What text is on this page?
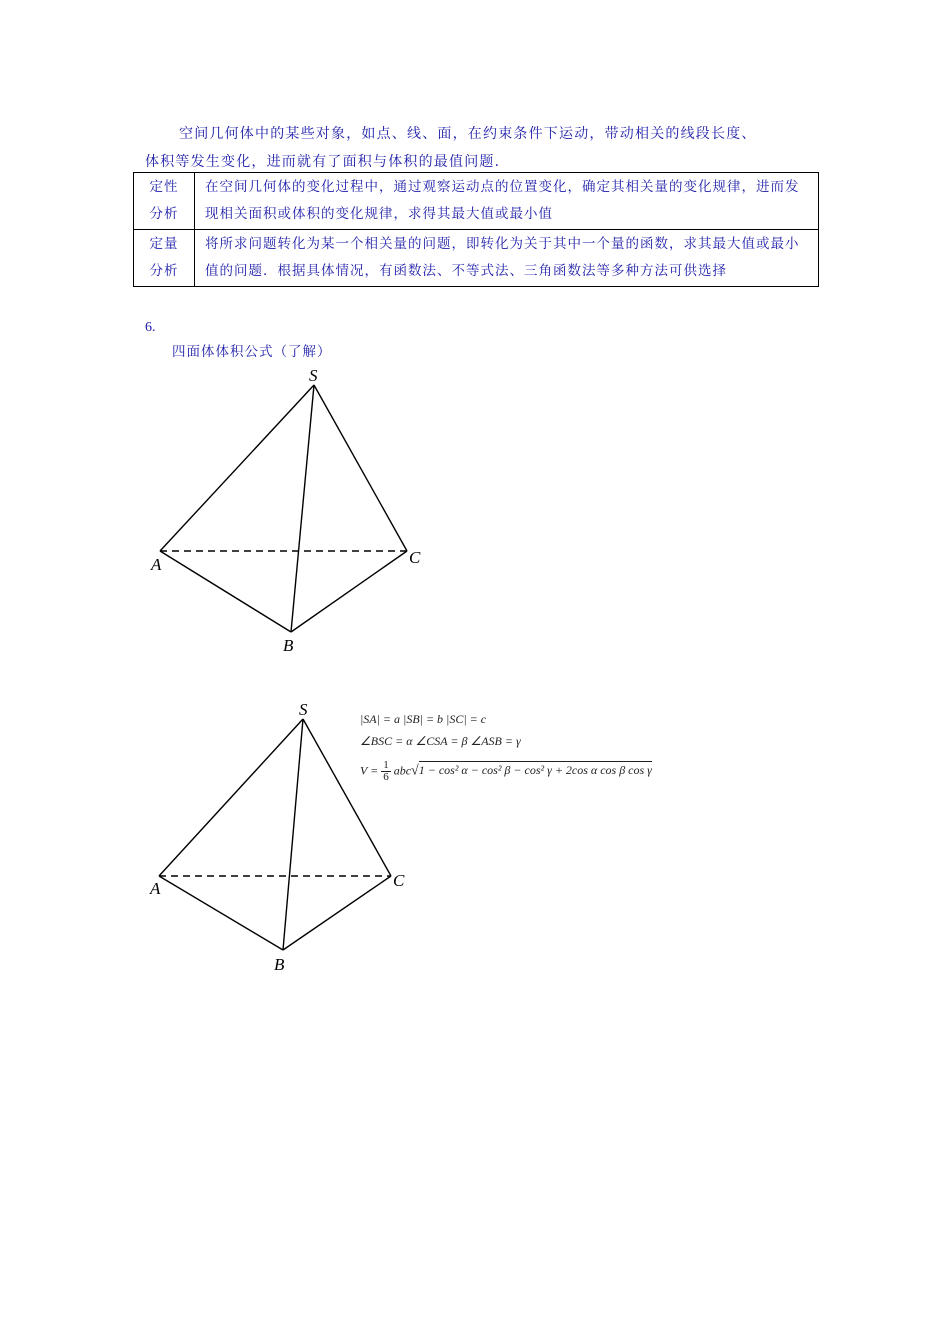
空间几何体中的某些对象，如点、线、面，在约束条件下运动，带动相关的线段长度、
体积等发生变化，进而就有了面积与体积的最值问题.
定性
分析	在空间几何体的变化过程中，通过观察运动点的位置变化，确定其相关量的变化规律，进而发现相关面积或体积的变化规律，求得其最大值或最小值

定量
分析	将所求问题转化为某一个相关量的问题，即转化为关于其中一个量的函数，求其最大值或最小值的问题．根据具体情况，有函数法、不等式法、三角函数法等多种方法可供选择
6.
四面体体积公式（了解）
S
A	C
B
S
A	C
B
|SA| = a |SB| = b |SC| = c
∠BSC = α ∠CSA = β ∠ASB = γ
$V = \frac{1}{6} abc√1 - \cos^2$ α − cos² β − cos² γ + 2cos α cos β cos γ
